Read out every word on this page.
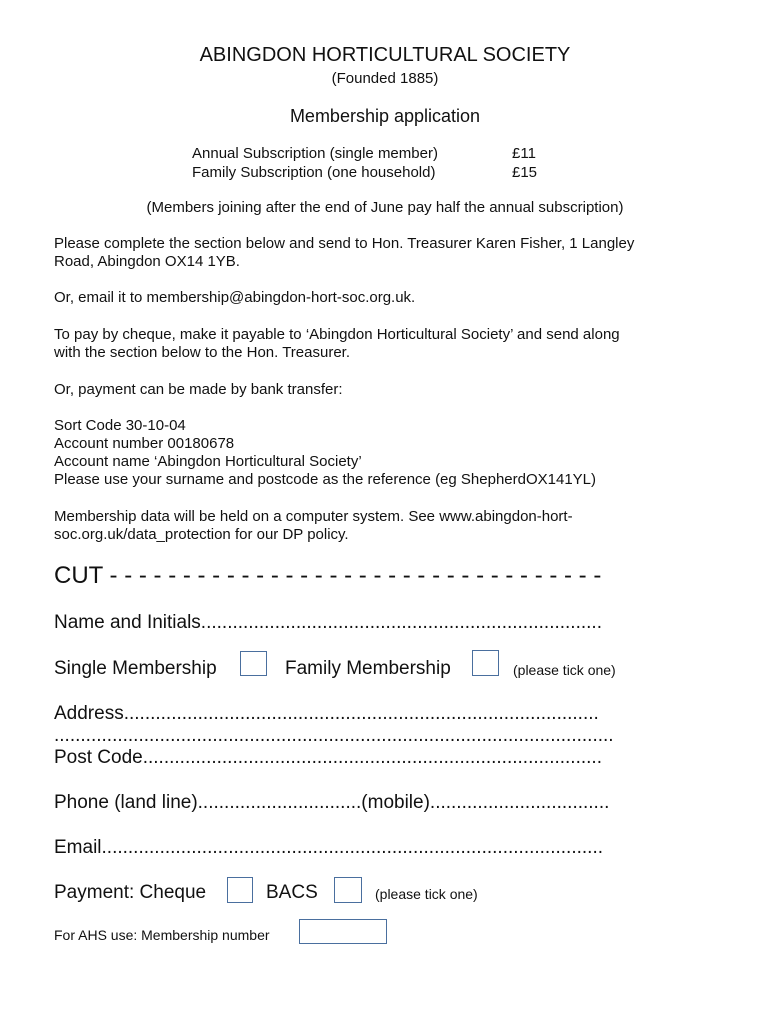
ABINGDON HORTICULTURAL SOCIETY
(Founded 1885)
Membership application
Annual Subscription (single member)	£11
Family Subscription (one household)	£15
(Members joining after the end of June pay half the annual subscription)
Please complete the section below and send to Hon. Treasurer Karen Fisher, 1 Langley
Road, Abingdon OX14 1YB.
Or, email it to membership@abingdon-hort-soc.org.uk.
To pay by cheque, make it payable to ‘Abingdon Horticultural Society’ and send along
with the section below to the Hon. Treasurer.
Or, payment can be made by bank transfer:
Sort Code 30-10-04
Account number 00180678
Account name ‘Abingdon Horticultural Society’
Please use your surname and postcode as the reference (eg ShepherdOX141YL)
Membership data will be held on a computer system. See www.abingdon-hort-
soc.org.uk/data_protection for our DP policy.
CUT - - - - - - - - - - - - - - - - - - - - - - - - - - - - - - - - - -
Name and Initials............................................................................
Single Membership	Family Membership	(please tick one)
Address..........................................................................................
..........................................................................................................
Post Code.......................................................................................
Phone (land line)...............................(mobile)..................................
Email...............................................................................................
Payment: Cheque	BACS	(please tick one)
For AHS use: Membership number
